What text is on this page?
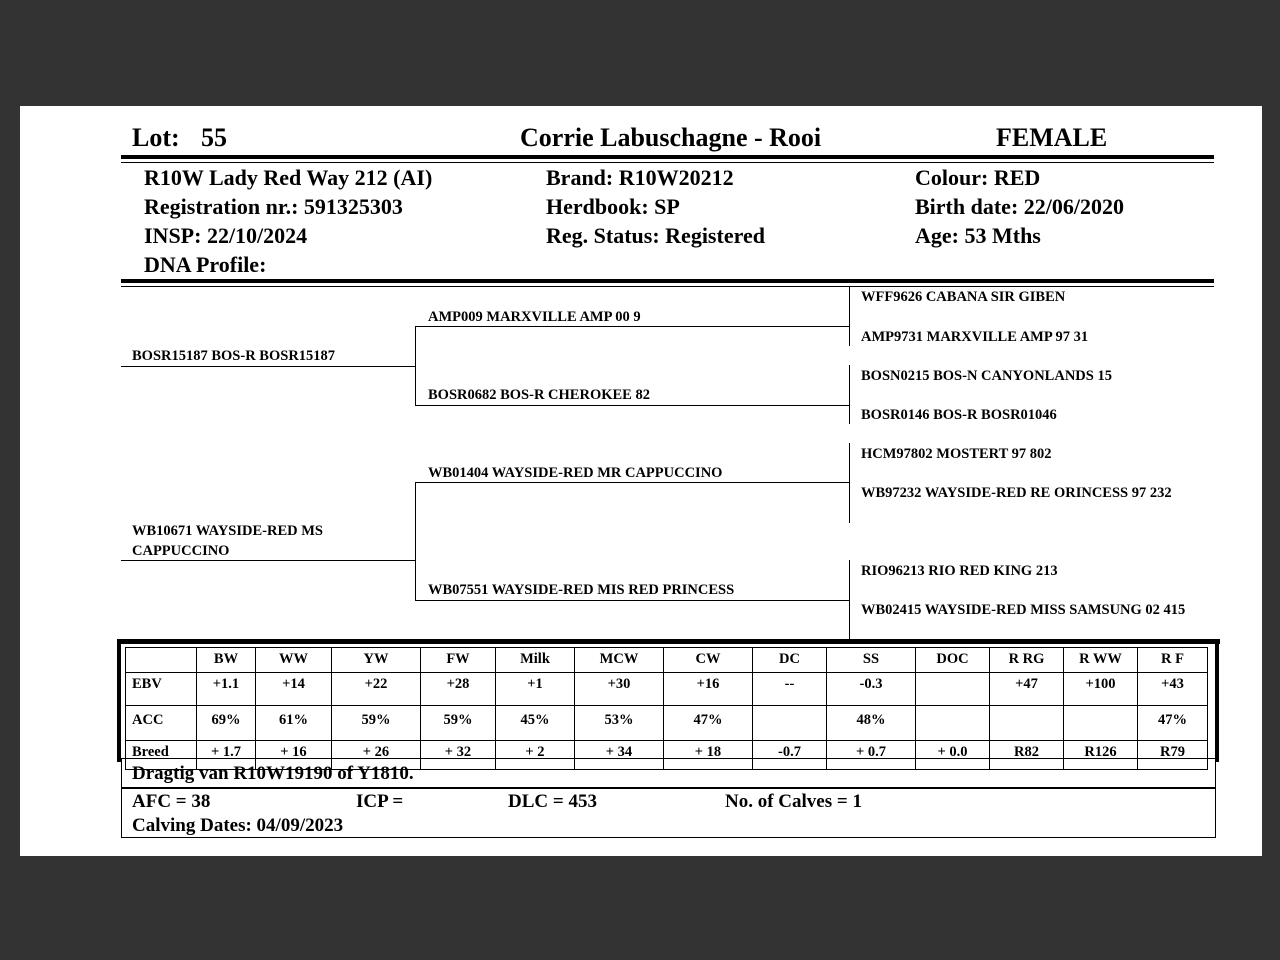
Lot: 55	Corrie Labuschagne - Rooi	FEMALE
R10W Lady Red Way 212 (AI)
Registration nr.: 591325303
INSP: 22/10/2024
DNA Profile:
Brand: R10W20212
Herdbook: SP
Reg. Status: Registered
Colour: RED
Birth date: 22/06/2020
Age: 53 Mths
BOSR15187 BOS-R BOSR15187
WB10671 WAYSIDE-RED MS CAPPUCCINO
AMP009 MARXVILLE AMP 00 9
BOSR0682 BOS-R CHEROKEE 82
WB01404 WAYSIDE-RED MR CAPPUCCINO
WB07551 WAYSIDE-RED MIS RED PRINCESS
WFF9626 CABANA SIR GIBEN
AMP9731 MARXVILLE AMP 97 31
BOSN0215 BOS-N CANYONLANDS 15
BOSR0146 BOS-R BOSR01046
HCM97802 MOSTERT 97 802
WB97232 WAYSIDE-RED RE ORINCESS 97 232
RIO96213 RIO RED KING 213
WB02415 WAYSIDE-RED MISS SAMSUNG 02 415
	BW	WW	YW	FW	Milk	MCW	CW	DC	SS	DOC	R RG	R WW	R F
EBV	+1.1	+14	+22	+28	+1	+30	+16	--	-0.3		+47	+100	+43
ACC	69%	61%	59%	59%	45%	53%	47%		48%				47%
Breed	+ 1.7	+ 16	+ 26	+ 32	+ 2	+ 34	+ 18	-0.7	+ 0.7	+ 0.0	R82	R126	R79
Dragtig van R10W19190 of Y1810.
AFC = 38	ICP =	DLC = 453	No. of Calves = 1
Calving Dates: 04/09/2023
